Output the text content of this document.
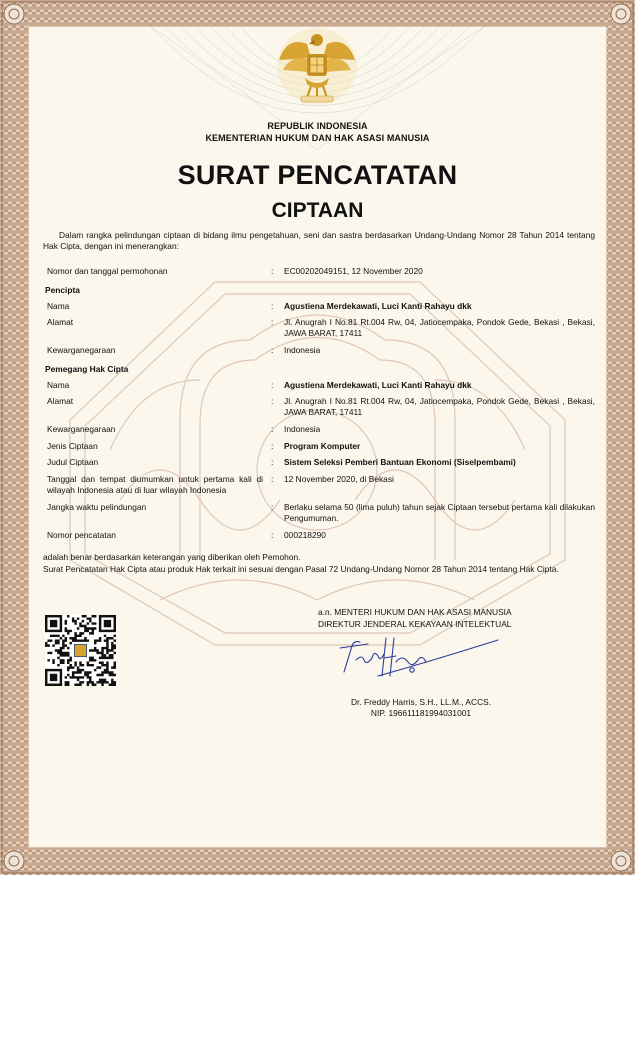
REPUBLIK INDONESIA
KEMENTERIAN HUKUM DAN HAK ASASI MANUSIA
SURAT PENCATATAN
CIPTAAN
Dalam rangka pelindungan ciptaan di bidang ilmu pengetahuan, seni dan sastra berdasarkan Undang-Undang Nomor 28 Tahun 2014 tentang Hak Cipta, dengan ini menerangkan:
Nomor dan tanggal permohonan	: EC00202049151, 12 November 2020
Pencipta
Nama	: Agustiena Merdekawati, Luci Kanti Rahayu dkk
Alamat	: Jl. Anugrah I No.81 Rt.004 Rw, 04, Jatiocempaka, Pondok Gede, Bekasi , Bekasi, JAWA BARAT, 17411
Kewarganegaraan	: Indonesia
Pemegang Hak Cipta
Nama	: Agustiena Merdekawati, Luci Kanti Rahayu dkk
Alamat	: Jl. Anugrah I No.81 Rt.004 Rw, 04, Jatiocempaka, Pondok Gede, Bekasi , Bekasi, JAWA BARAT, 17411
Kewarganegaraan	: Indonesia
Jenis Ciptaan	: Program Komputer
Judul Ciptaan	: Sistem Seleksi Pemberi Bantuan Ekonomi (Siselpembami)
Tanggal dan tempat diumumkan untuk pertama kali di wilayah Indonesia atau di luar wilayah Indonesia
: 12 November 2020, di Bekasi
Jangka waktu pelindungan	: Berlaku selama 50 (lima puluh) tahun sejak Ciptaan tersebut pertama kali dilakukan Pengumuman.
Nomor pencatatan	: 000218290
adalah benar berdasarkan keterangan yang diberikan oleh Pemohon.
Surat Pencatatan Hak Cipta atau produk Hak terkait ini sesuai dengan Pasal 72 Undang-Undang Nomor 28 Tahun 2014 tentang Hak Cipta.
a.n. MENTERI HUKUM DAN HAK ASASI MANUSIA
DIREKTUR JENDERAL KEKAYAAN INTELEKTUAL
Dr. Freddy Harris, S.H., LL.M., ACCS.
NIP. 196611181994031001
